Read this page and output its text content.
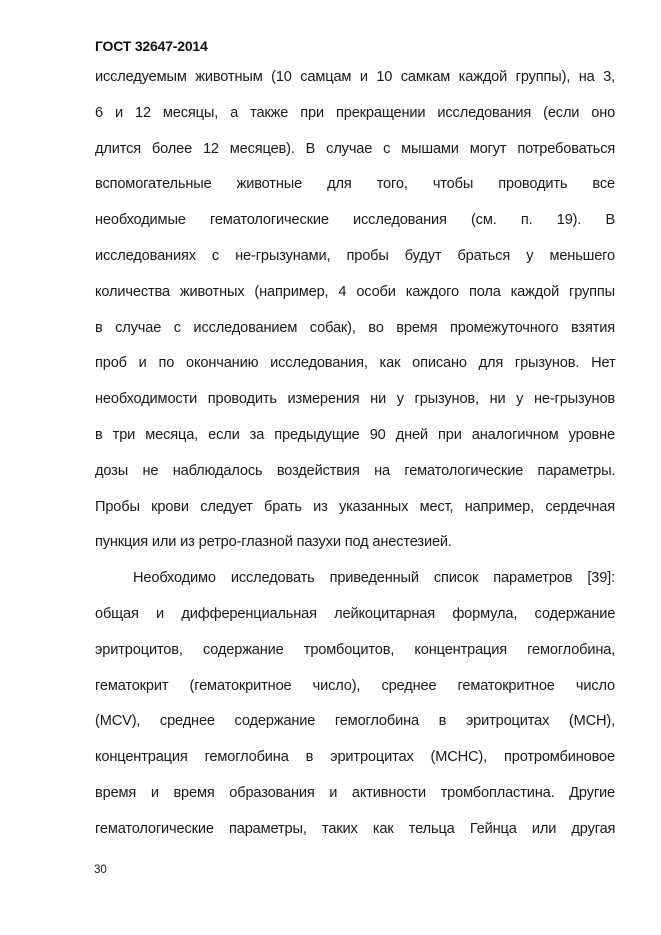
ГОСТ 32647-2014

исследуемым животным (10 самцам и 10 самкам каждой группы), на 3,
6 и 12 месяцы, а также при прекращении исследования (если оно
длится более 12 месяцев). В случае с мышами могут потребоваться
вспомогательные животные для того, чтобы проводить все
необходимые гематологические исследования (см. п. 19). В
исследованиях с не-грызунами, пробы будут браться у меньшего
количества животных (например, 4 особи каждого пола каждой группы
в случае с исследованием собак), во время промежуточного взятия
проб и по окончанию исследования, как описано для грызунов. Нет
необходимости проводить измерения ни у грызунов, ни у не-грызунов
в три месяца, если за предыдущие 90 дней при аналогичном уровне
дозы не наблюдалось воздействия на гематологические параметры.
Пробы крови следует брать из указанных мест, например, сердечная
пункция или из ретро-глазной пазухи под анестезией.

Необходимо исследовать приведенный список параметров [39]:
общая и дифференциальная лейкоцитарная формула, содержание
эритроцитов, содержание тромбоцитов, концентрация гемоглобина,
гематокрит (гематокритное число), среднее гематокритное число
(MCV), среднее содержание гемоглобина в эритроцитах (MCH),
концентрация гемоглобина в эритроцитах (MCHC), протромбиновое
время и время образования и активности тромбопластина. Другие
гематологические параметры, таких как тельца Гейнца или другая

30
